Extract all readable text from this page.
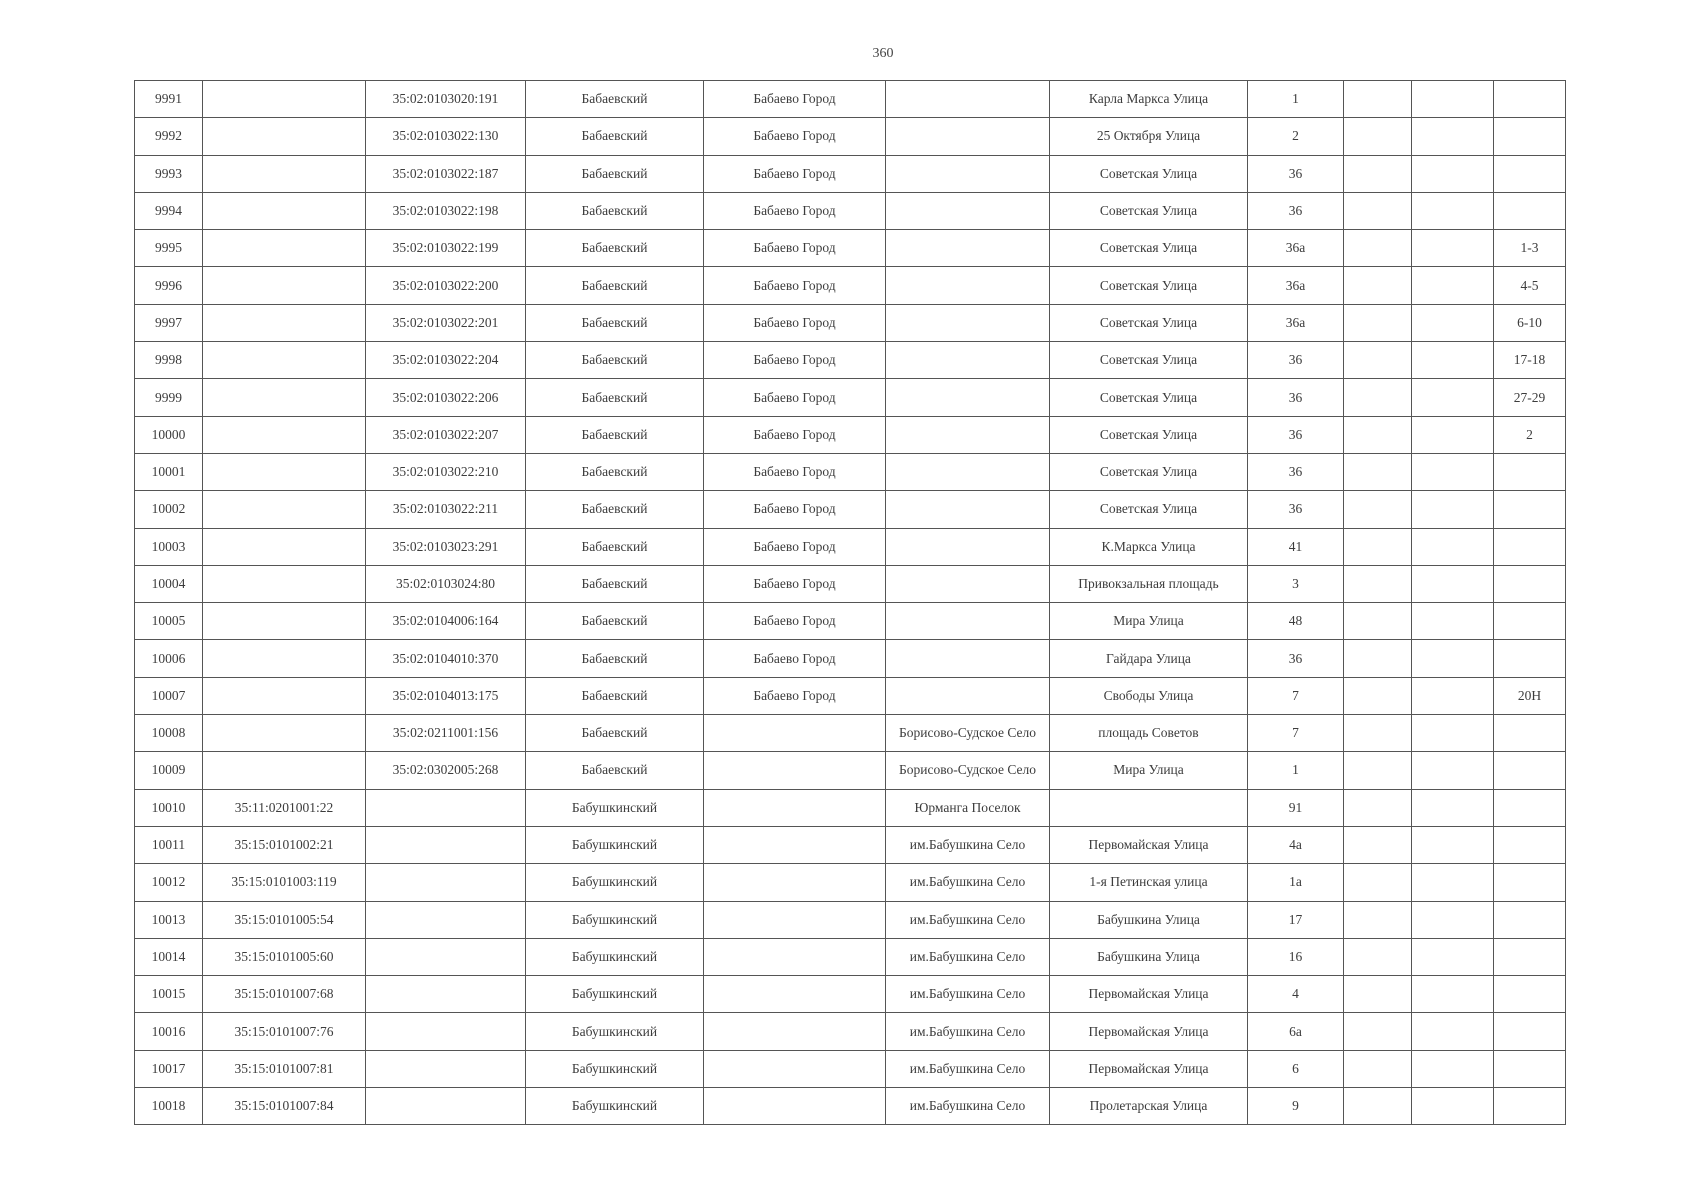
360
9991		35:02:0103020:191	Бабаевский	Бабаево Город		Карла Маркса Улица	1			
9992		35:02:0103022:130	Бабаевский	Бабаево Город		25 Октября Улица	2			
9993		35:02:0103022:187	Бабаевский	Бабаево Город		Советская Улица	36			
9994		35:02:0103022:198	Бабаевский	Бабаево Город		Советская Улица	36			
9995		35:02:0103022:199	Бабаевский	Бабаево Город		Советская Улица	36а			1-3
9996		35:02:0103022:200	Бабаевский	Бабаево Город		Советская Улица	36а			4-5
9997		35:02:0103022:201	Бабаевский	Бабаево Город		Советская Улица	36а			6-10
9998		35:02:0103022:204	Бабаевский	Бабаево Город		Советская Улица	36			17-18
9999		35:02:0103022:206	Бабаевский	Бабаево Город		Советская Улица	36			27-29
10000		35:02:0103022:207	Бабаевский	Бабаево Город		Советская Улица	36			2
10001		35:02:0103022:210	Бабаевский	Бабаево Город		Советская Улица	36			
10002		35:02:0103022:211	Бабаевский	Бабаево Город		Советская Улица	36			
10003		35:02:0103023:291	Бабаевский	Бабаево Город		К.Маркса Улица	41			
10004		35:02:0103024:80	Бабаевский	Бабаево Город		Привокзальная площадь	3			
10005		35:02:0104006:164	Бабаевский	Бабаево Город		Мира Улица	48			
10006		35:02:0104010:370	Бабаевский	Бабаево Город		Гайдара Улица	36			
10007		35:02:0104013:175	Бабаевский	Бабаево Город		Свободы Улица	7			20Н
10008		35:02:0211001:156	Бабаевский		Борисово-Судское Село	площадь Советов	7			
10009		35:02:0302005:268	Бабаевский		Борисово-Судское Село	Мира Улица	1			
10010	35:11:0201001:22		Бабушкинский		Юрманга Поселок		91			
10011	35:15:0101002:21		Бабушкинский		им.Бабушкина Село	Первомайская Улица	4а			
10012	35:15:0101003:119		Бабушкинский		им.Бабушкина Село	1-я Петинская улица	1а			
10013	35:15:0101005:54		Бабушкинский		им.Бабушкина Село	Бабушкина Улица	17			
10014	35:15:0101005:60		Бабушкинский		им.Бабушкина Село	Бабушкина Улица	16			
10015	35:15:0101007:68		Бабушкинский		им.Бабушкина Село	Первомайская Улица	4			
10016	35:15:0101007:76		Бабушкинский		им.Бабушкина Село	Первомайская Улица	6а			
10017	35:15:0101007:81		Бабушкинский		им.Бабушкина Село	Первомайская Улица	6			
10018	35:15:0101007:84		Бабушкинский		им.Бабушкина Село	Пролетарская Улица	9			
